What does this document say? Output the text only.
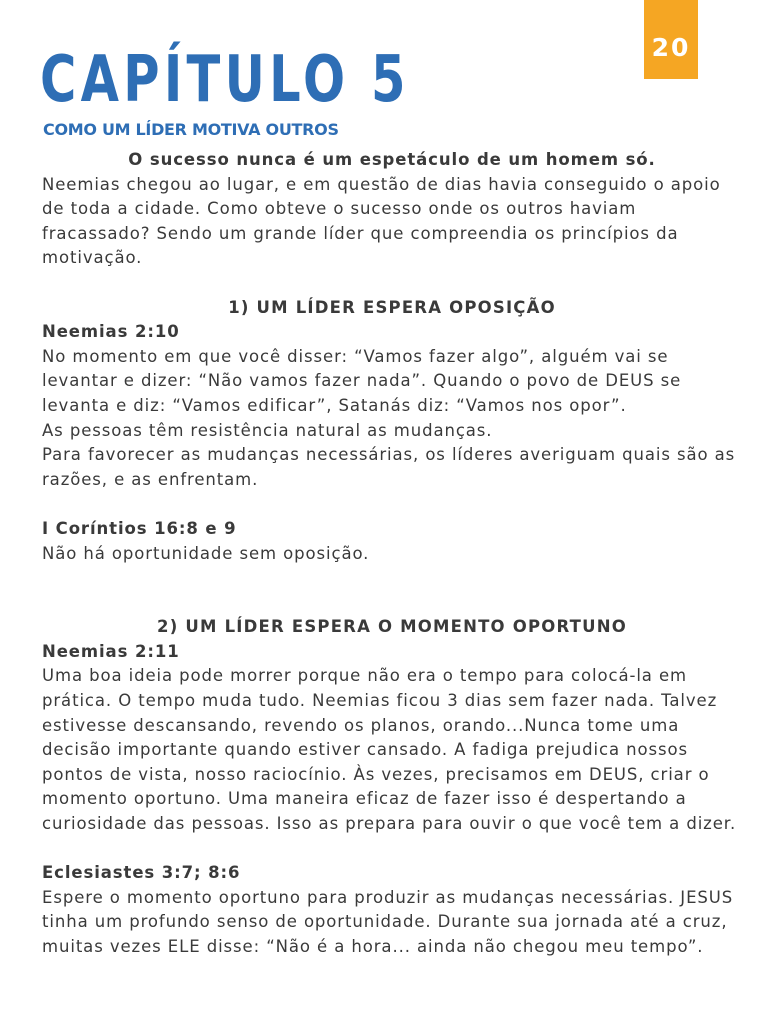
20
CAPÍTULO 5
COMO UM LÍDER MOTIVA OUTROS

O sucesso nunca é um espetáculo de um homem só.

Neemias chegou ao lugar, e em questão de dias havia conseguido o apoio de toda a cidade. Como obteve o sucesso onde os outros haviam fracassado? Sendo um grande líder que compreendia os princípios da motivação.

1) UM LÍDER ESPERA OPOSIÇÃO

Neemias 2:10

No momento em que você disser: “Vamos fazer algo”, alguém vai se levantar e dizer: “Não vamos fazer nada”. Quando o povo de DEUS se levanta e diz: “Vamos edificar”, Satanás diz: “Vamos nos opor”.

As pessoas têm resistência natural as mudanças.

Para favorecer as mudanças necessárias, os líderes averiguam quais são as razões, e as enfrentam.

I Coríntios 16:8 e 9

Não há oportunidade sem oposição.

2) UM LÍDER ESPERA O MOMENTO OPORTUNO

Neemias 2:11

Uma boa ideia pode morrer porque não era o tempo para colocá-la em prática. O tempo muda tudo. Neemias ficou 3 dias sem fazer nada. Talvez estivesse descansando, revendo os planos, orando...Nunca tome uma decisão importante quando estiver cansado. A fadiga prejudica nossos pontos de vista, nosso raciocínio. Às vezes, precisamos em DEUS, criar o momento oportuno. Uma maneira eficaz de fazer isso é despertando a curiosidade das pessoas. Isso as prepara para ouvir o que você tem a dizer.

Eclesiastes 3:7; 8:6

Espere o momento oportuno para produzir as mudanças necessárias. JESUS tinha um profundo senso de oportunidade. Durante sua jornada até a cruz, muitas vezes ELE disse: “Não é a hora... ainda não chegou meu tempo”.
